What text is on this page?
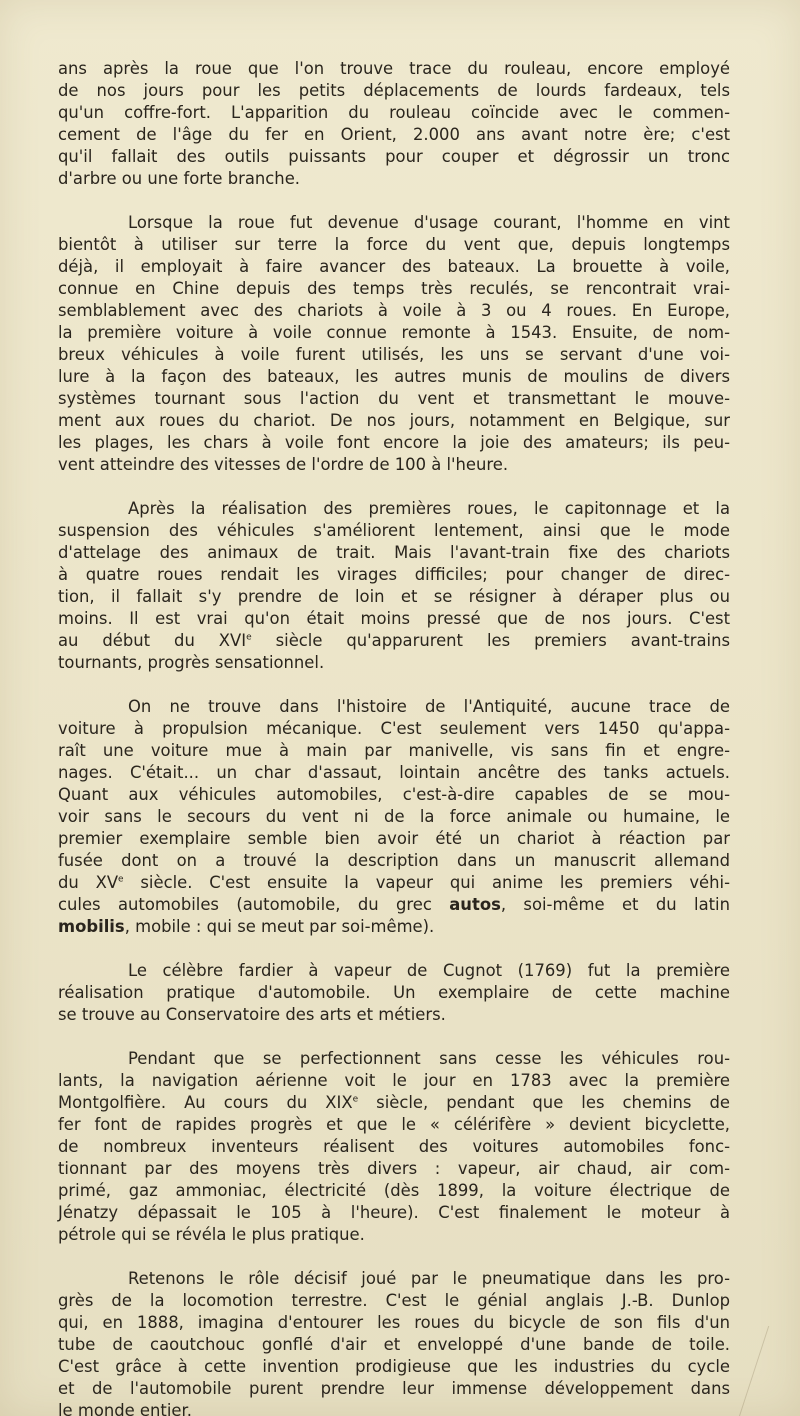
ans après la roue que l'on trouve trace du rouleau, encore employé
de nos jours pour les petits déplacements de lourds fardeaux, tels
qu'un coffre-fort. L'apparition du rouleau coïncide avec le commen-
cement de l'âge du fer en Orient, 2.000 ans avant notre ère; c'est
qu'il fallait des outils puissants pour couper et dégrossir un tronc
d'arbre ou une forte branche.
Lorsque la roue fut devenue d'usage courant, l'homme en vint
bientôt à utiliser sur terre la force du vent que, depuis longtemps
déjà, il employait à faire avancer des bateaux. La brouette à voile,
connue en Chine depuis des temps très reculés, se rencontrait vrai-
semblablement avec des chariots à voile à 3 ou 4 roues. En Europe,
la première voiture à voile connue remonte à 1543. Ensuite, de nom-
breux véhicules à voile furent utilisés, les uns se servant d'une voi-
lure à la façon des bateaux, les autres munis de moulins de divers
systèmes tournant sous l'action du vent et transmettant le mouve-
ment aux roues du chariot. De nos jours, notamment en Belgique, sur
les plages, les chars à voile font encore la joie des amateurs; ils peu-
vent atteindre des vitesses de l'ordre de 100 à l'heure.
Après la réalisation des premières roues, le capitonnage et la
suspension des véhicules s'améliorent lentement, ainsi que le mode
d'attelage des animaux de trait. Mais l'avant-train fixe des chariots
à quatre roues rendait les virages difficiles; pour changer de direc-
tion, il fallait s'y prendre de loin et se résigner à déraper plus ou
moins. Il est vrai qu'on était moins pressé que de nos jours. C'est
au début du XVIe siècle qu'apparurent les premiers avant-trains
tournants, progrès sensationnel.
On ne trouve dans l'histoire de l'Antiquité, aucune trace de
voiture à propulsion mécanique. C'est seulement vers 1450 qu'appa-
raît une voiture mue à main par manivelle, vis sans fin et engre-
nages. C'était... un char d'assaut, lointain ancêtre des tanks actuels.
Quant aux véhicules automobiles, c'est-à-dire capables de se mou-
voir sans le secours du vent ni de la force animale ou humaine, le
premier exemplaire semble bien avoir été un chariot à réaction par
fusée dont on a trouvé la description dans un manuscrit allemand
du XVe siècle. C'est ensuite la vapeur qui anime les premiers véhi-
cules automobiles (automobile, du grec autos, soi-même et du latin
mobilis, mobile : qui se meut par soi-même).
Le célèbre fardier à vapeur de Cugnot (1769) fut la première
réalisation pratique d'automobile. Un exemplaire de cette machine
se trouve au Conservatoire des arts et métiers.
Pendant que se perfectionnent sans cesse les véhicules rou-
lants, la navigation aérienne voit le jour en 1783 avec la première
Montgolfière. Au cours du XIXe siècle, pendant que les chemins de
fer font de rapides progrès et que le « célérifère » devient bicyclette,
de nombreux inventeurs réalisent des voitures automobiles fonc-
tionnant par des moyens très divers : vapeur, air chaud, air com-
primé, gaz ammoniac, électricité (dès 1899, la voiture électrique de
Jénatzy dépassait le 105 à l'heure). C'est finalement le moteur à
pétrole qui se révéla le plus pratique.
Retenons le rôle décisif joué par le pneumatique dans les pro-
grès de la locomotion terrestre. C'est le génial anglais J.-B. Dunlop
qui, en 1888, imagina d'entourer les roues du bicycle de son fils d'un
tube de caoutchouc gonflé d'air et enveloppé d'une bande de toile.
C'est grâce à cette invention prodigieuse que les industries du cycle
et de l'automobile purent prendre leur immense développement dans
le monde entier.
